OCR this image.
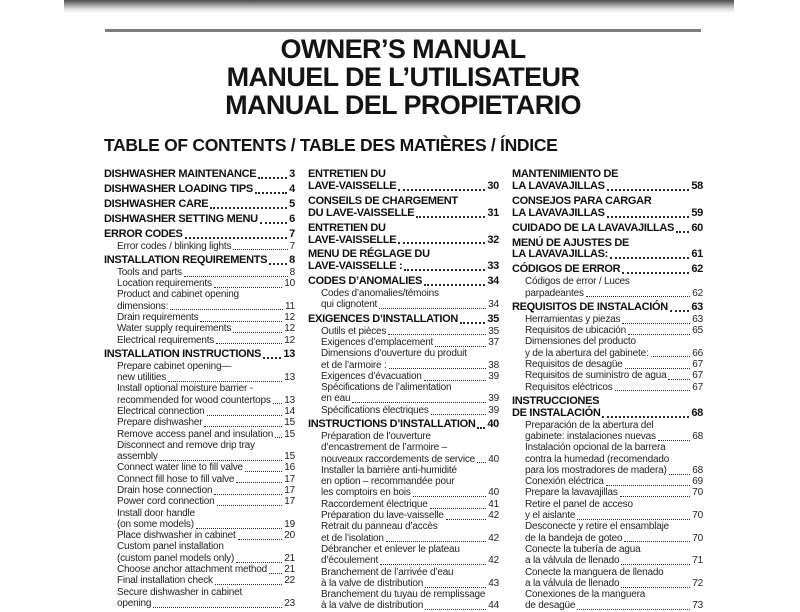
OWNER’S MANUAL
MANUEL DE L’UTILISATEUR
MANUAL DEL PROPIETARIO
TABLE OF CONTENTS / TABLE DES MATIÈRES / ÍNDICE
DISHWASHER MAINTENANCE	3
DISHWASHER LOADING TIPS	4
DISHWASHER CARE	5
DISHWASHER SETTING MENU	6
ERROR CODES	7
Error codes / blinking lights	7
INSTALLATION REQUIREMENTS 8
Tools and parts	8
Location requirements	10
Product and cabinet opening
dimensions:	11
Drain requirements	12
Water supply requirements	12
Electrical requirements	12
INSTALLATION INSTRUCTIONS 13
Prepare cabinet opening—
new utilities	13
Install optional moisture barrier -
recommended for wood countertops 13
Electrical connection	14
Prepare dishwasher	15
Remove access panel and insulation 15
Disconnect and remove drip tray
assembly	15
Connect water line to fill valve	16
Connect fill hose to fill valve	17
Drain hose connection	17
Power cord connection	17
Install door handle
(on some models)	19
Place dishwasher in cabinet	20
Custom panel installation
(custom panel models only)	21
Choose anchor attachment method 21
Final installation check	22
Secure dishwasher in cabinet
opening	23
ENTRETIEN DU
LAVE-VAISSELLE	30
CONSEILS DE CHARGEMENT
DU LAVE-VAISSELLE	31
ENTRETIEN DU
LAVE-VAISSELLE	32
MENU DE RÉGLAGE DU
LAVE-VAISSELLE :	33
CODES D’ANOMALIES	34
Codes d’anomalies/témoins
qui clignotent	34
EXIGENCES D’INSTALLATION	35
Outils et pièces	35
Exigences d’emplacement	37
Dimensions d’ouverture du produit
et de l’armoire :	38
Exigences d’évacuation	39
Spécifications de l’alimentation
en eau	39
Spécifications électriques	39
INSTRUCTIONS D’INSTALLATION 40
Préparation de l’ouverture
d’encastrement de l’armoire –
nouveaux raccordements de service 40
Installer la barrière anti-humidité
en option – recommandée pour
les comptoirs en bois	40
Raccordement électrique	41
Préparation du lave-vaisselle	42
Retrait du panneau d’accès
et de l’isolation	42
Débrancher et enlever le plateau
d’écoulement	42
Branchement de l’arrivée d’eau
à la valve de distribution	43
Branchement du tuyau de remplissage
à la valve de distribution	44
MANTENIMIENTO DE
LA LAVAVAJILLAS	58
CONSEJOS PARA CARGAR
LA LAVAVAJILLAS	59
CUIDADO DE LA LAVAVAJILLAS 60
MENÚ DE AJUSTES DE
LA LAVAVAJILLAS:	61
CÓDIGOS DE ERROR	62
Códigos de error / Luces
parpadeantes	62
REQUISITOS DE INSTALACIÓN 63
Herramientas y piezas	63
Requisitos de ubicación	65
Dimensiones del producto
y de la abertura del gabinete:	66
Requisitos de desagüe	67
Requisitos de suministro de agua	67
Requisitos eléctricos	67
INSTRUCCIONES
DE INSTALACIÓN	68
Preparación de la abertura del
gabinete: instalaciones nuevas	68
Instalación opcional de la barrera
contra la humedad (recomendado
para los mostradores de madera)	68
Conexión eléctrica	69
Prepare la lavavajillas	70
Retire el panel de acceso
y el aislante	70
Desconecte y retire el ensamblaje
de la bandeja de goteo	70
Conecte la tubería de agua
a la válvula de llenado	71
Conecte la manguera de llenado
a la válvula de llenado	72
Conexiones de la manguera
de desagüe	73
